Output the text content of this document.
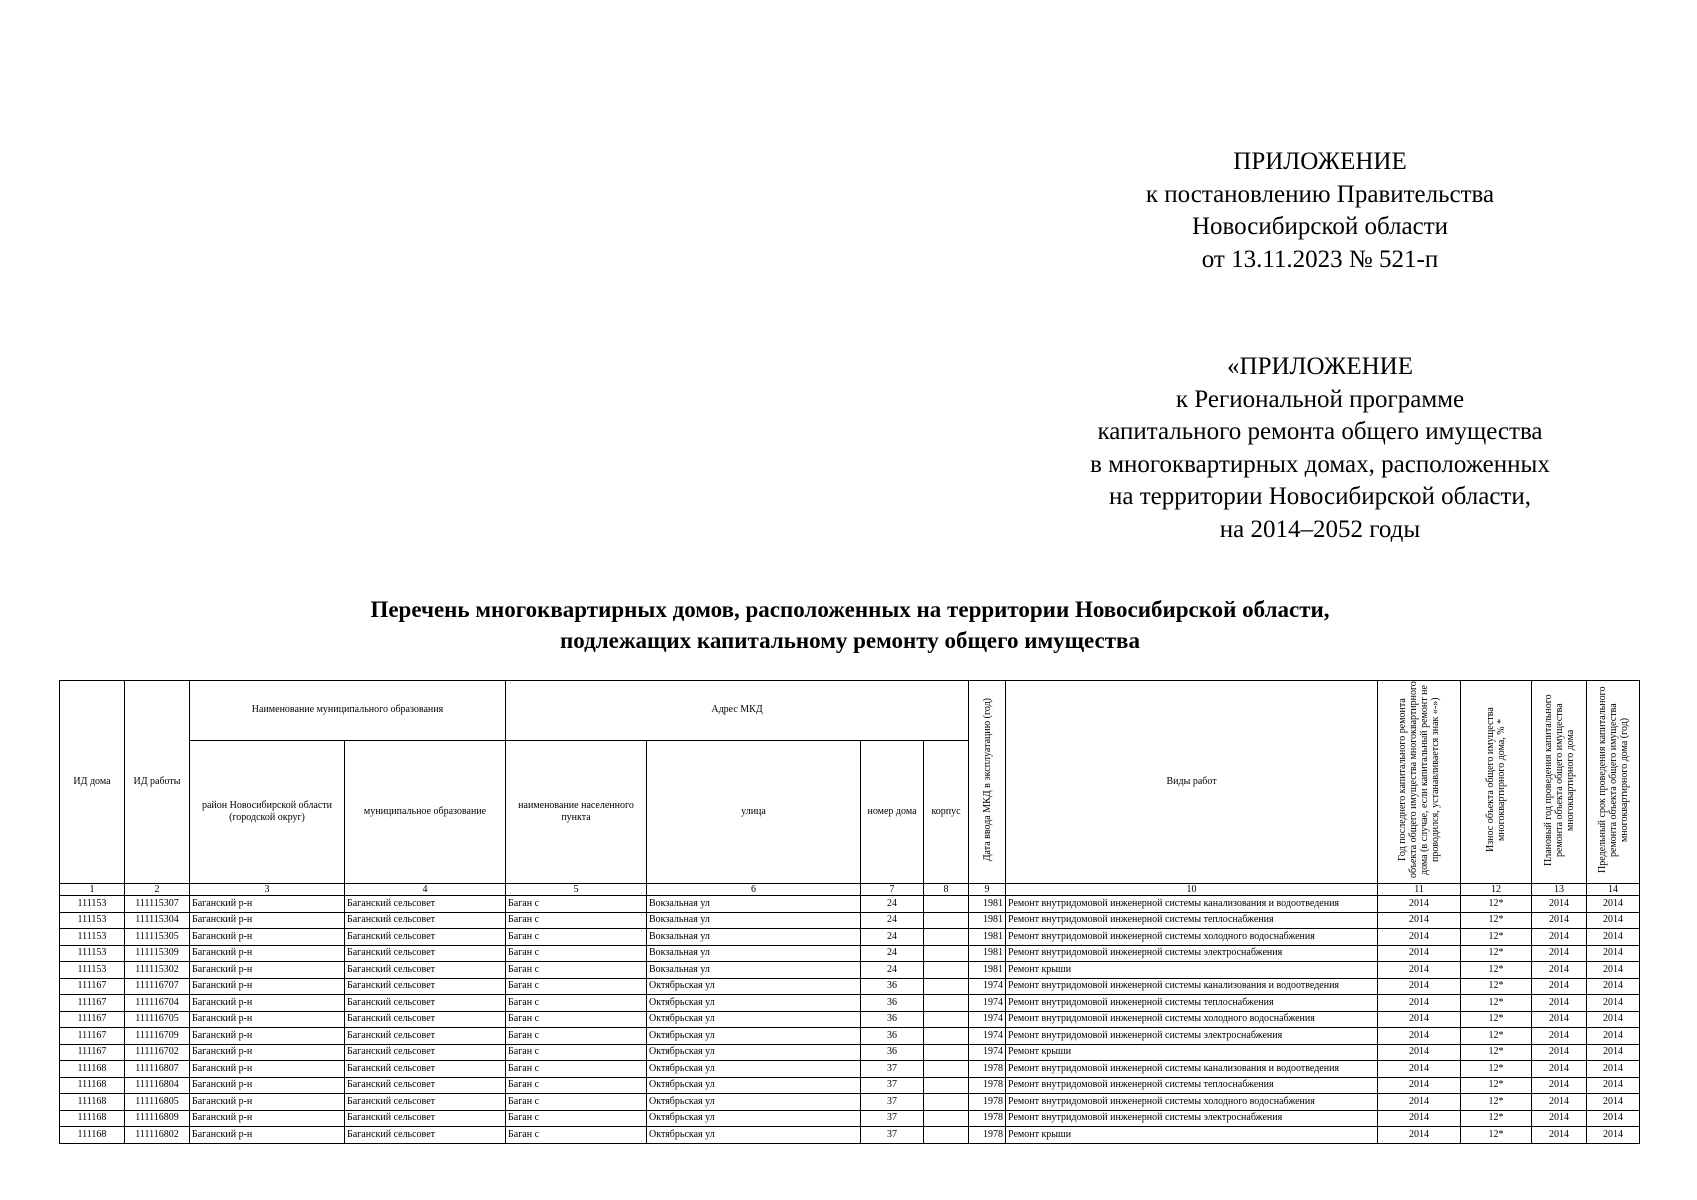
ПРИЛОЖЕНИЕ
к постановлению Правительства
Новосибирской области
от 13.11.2023 № 521-п
«ПРИЛОЖЕНИЕ
к Региональной программе
капитального ремонта общего имущества
в многоквартирных домах, расположенных
на территории Новосибирской области,
на 2014–2052 годы
Перечень многоквартирных домов, расположенных на территории Новосибирской области,
подлежащих капитальному ремонту общего имущества
ИД дома	ИД работы	Наименование муниципального образования		Адрес МКД				Дата ввода МКД в эксплуатацию (год)	Виды работ	Год последнего капитального ремонта объекта общего имущества многоквартирного дома (в случае, если капитальный ремонт не проводился, устанавливается знак «-»)	Износ объекта общего имущества многоквартирного дома, % *	Плановый год проведения капитального ремонта объекта общего имущества многоквартирного дома	Предельный срок проведения капитального ремонта объекта общего имущества многоквартирного дома (год)
		район Новосибирской области (городской округ)	муниципальное образование	наименование населенного пункта	улица	номер дома	корпус						
1	2	3	4	5	6	7	8	9	10	11	12	13	14
111153	111115307	Баганский р-н	Баганский сельсовет	Баган с	Вокзальная ул	24		1981	Ремонт внутридомовой инженерной системы канализования и водоотведения	2014	12*	2014	2014
111153	111115304	Баганский р-н	Баганский сельсовет	Баган с	Вокзальная ул	24		1981	Ремонт внутридомовой инженерной системы теплоснабжения	2014	12*	2014	2014
111153	111115305	Баганский р-н	Баганский сельсовет	Баган с	Вокзальная ул	24		1981	Ремонт внутридомовой инженерной системы холодного водоснабжения	2014	12*	2014	2014
111153	111115309	Баганский р-н	Баганский сельсовет	Баган с	Вокзальная ул	24		1981	Ремонт внутридомовой инженерной системы электроснабжения	2014	12*	2014	2014
111153	111115302	Баганский р-н	Баганский сельсовет	Баган с	Вокзальная ул	24		1981	Ремонт крыши	2014	12*	2014	2014
111167	111116707	Баганский р-н	Баганский сельсовет	Баган с	Октябрьская ул	36		1974	Ремонт внутридомовой инженерной системы канализования и водоотведения	2014	12*	2014	2014
111167	111116704	Баганский р-н	Баганский сельсовет	Баган с	Октябрьская ул	36		1974	Ремонт внутридомовой инженерной системы теплоснабжения	2014	12*	2014	2014
111167	111116705	Баганский р-н	Баганский сельсовет	Баган с	Октябрьская ул	36		1974	Ремонт внутридомовой инженерной системы холодного водоснабжения	2014	12*	2014	2014
111167	111116709	Баганский р-н	Баганский сельсовет	Баган с	Октябрьская ул	36		1974	Ремонт внутридомовой инженерной системы электроснабжения	2014	12*	2014	2014
111167	111116702	Баганский р-н	Баганский сельсовет	Баган с	Октябрьская ул	36		1974	Ремонт крыши	2014	12*	2014	2014
111168	111116807	Баганский р-н	Баганский сельсовет	Баган с	Октябрьская ул	37		1978	Ремонт внутридомовой инженерной системы канализования и водоотведения	2014	12*	2014	2014
111168	111116804	Баганский р-н	Баганский сельсовет	Баган с	Октябрьская ул	37		1978	Ремонт внутридомовой инженерной системы теплоснабжения	2014	12*	2014	2014
111168	111116805	Баганский р-н	Баганский сельсовет	Баган с	Октябрьская ул	37		1978	Ремонт внутридомовой инженерной системы холодного водоснабжения	2014	12*	2014	2014
111168	111116809	Баганский р-н	Баганский сельсовет	Баган с	Октябрьская ул	37		1978	Ремонт внутридомовой инженерной системы электроснабжения	2014	12*	2014	2014
111168	111116802	Баганский р-н	Баганский сельсовет	Баган с	Октябрьская ул	37		1978	Ремонт крыши	2014	12*	2014	2014
